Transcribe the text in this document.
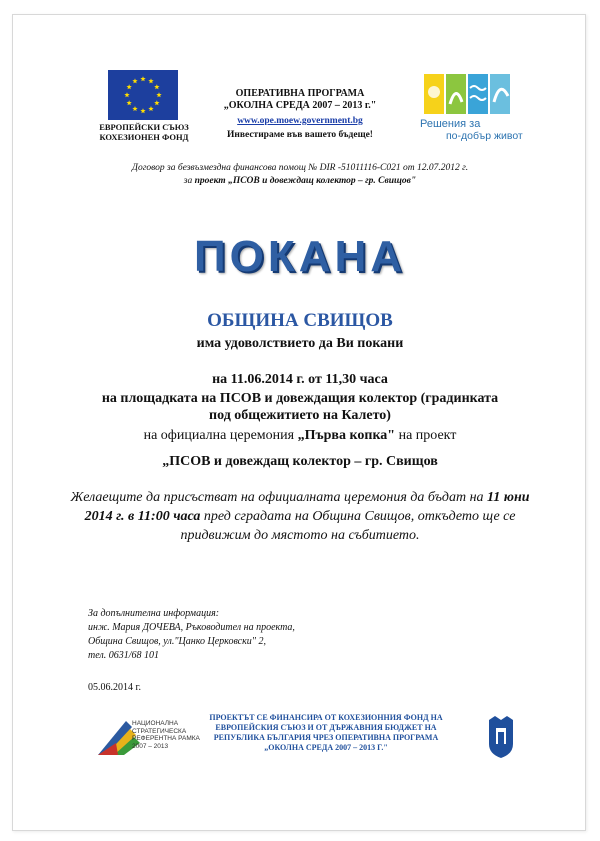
ЕВРОПЕЙСКИ СЪЮЗ
КОХЕЗИОНЕН ФОНД
ОПЕРАТИВНА ПРОГРАМА
„ОКОЛНА СРЕДА 2007 – 2013 г."
www.ope.moew.government.bg
Инвестираме във вашето бъдеще!
Решения за
по-добър живот
Договор за безвъзмездна финансова помощ № DIR -51011116-C021 от 12.07.2012 г.
за проект „ПСОВ и довеждащ колектор – гр. Свищов"
ПОКАНА
ОБЩИНА СВИЩОВ
има удоволствието да Ви покани
на 11.06.2014 г. от 11,30 часа
на площадката на ПСОВ и довеждащия колектор (градинката под общежитието на Калето)
на официална церемония „Първа копка" на проект
„ПСОВ и довеждащ колектор – гр. Свищов
Желаещите да присъстват на официалната церемония да бъдат на 11 юни 2014 г. в 11:00 часа пред сградата на Община Свищов, откъдето ще се придвижим до мястото на събитието.
За допълнителна информация:
инж. Мария ДОЧЕВА, Ръководител на проекта,
Община Свищов, ул."Цанко Церковски" 2,
тел. 0631/68 101
05.06.2014 г.
НАЦИОНАЛНА
СТРАТЕГИЧЕСКА
РЕФЕРЕНТНА РАМКА
2007 – 2013
ПРОЕКТЪТ СЕ ФИНАНСИРА ОТ КОХЕЗИОННИЯ ФОНД НА
ЕВРОПЕЙСКИЯ СЪЮЗ И ОТ ДЪРЖАВНИЯ БЮДЖЕТ НА
РЕПУБЛИКА БЪЛГАРИЯ ЧРЕЗ ОПЕРАТИВНА ПРОГРАМА
„ОКОЛНА СРЕДА 2007 – 2013 Г."
